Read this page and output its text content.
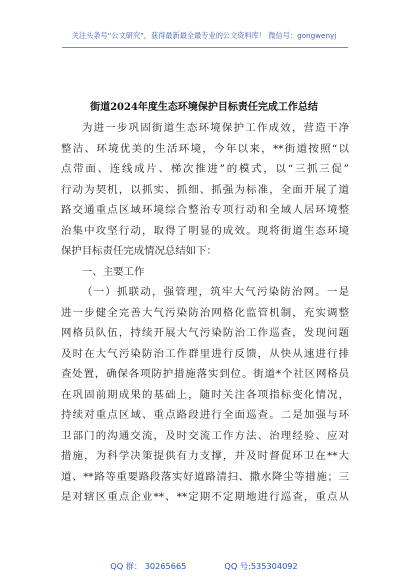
关注头条号“公文研究”，获得最新最全最专业的公文资料库！ 微信号：gongwenyj
街道2024年度生态环境保护目标责任完成工作总结
为进一步巩固街道生态环境保护工作成效，营造干净
整洁、环境优美的生活环境，今年以来，**街道按照“以
点带面、连线成片、梯次推进”的模式，以“三抓三促”
行动为契机，以抓实、抓细、抓强为标准，全面开展了道
路交通重点区域环境综合整治专项行动和全域人居环境整
治集中攻坚行动，取得了明显的成效。现将街道生态环境
保护目标责任完成情况总结如下：
一、主要工作
（一）抓联动，强管理，筑牢大气污染防治网。一是
进一步健全完善大气污染防治网格化监管机制，充实调整
网格员队伍，持续开展大气污染防治工作巡查，发现问题
及时在大气污染防治工作群里进行反馈，从快从速进行排
查处置，确保各项防护措施落实到位。街道*个社区网格员
在巩固前期成果的基础上，随时关注各项指标变化情况，
持续对重点区域、重点路段进行全面巡查。二是加强与环
卫部门的沟通交流，及时交流工作方法、治理经验、应对
措施，为科学决策提供有力支撑，并及时督促环卫在**大
道、**路等重要路段落实好道路清扫、撒水降尘等措施；三
是对辖区重点企业**、**定期不定期地进行巡查，重点从
QQ 群： 30265665	QQ 号:535304092
